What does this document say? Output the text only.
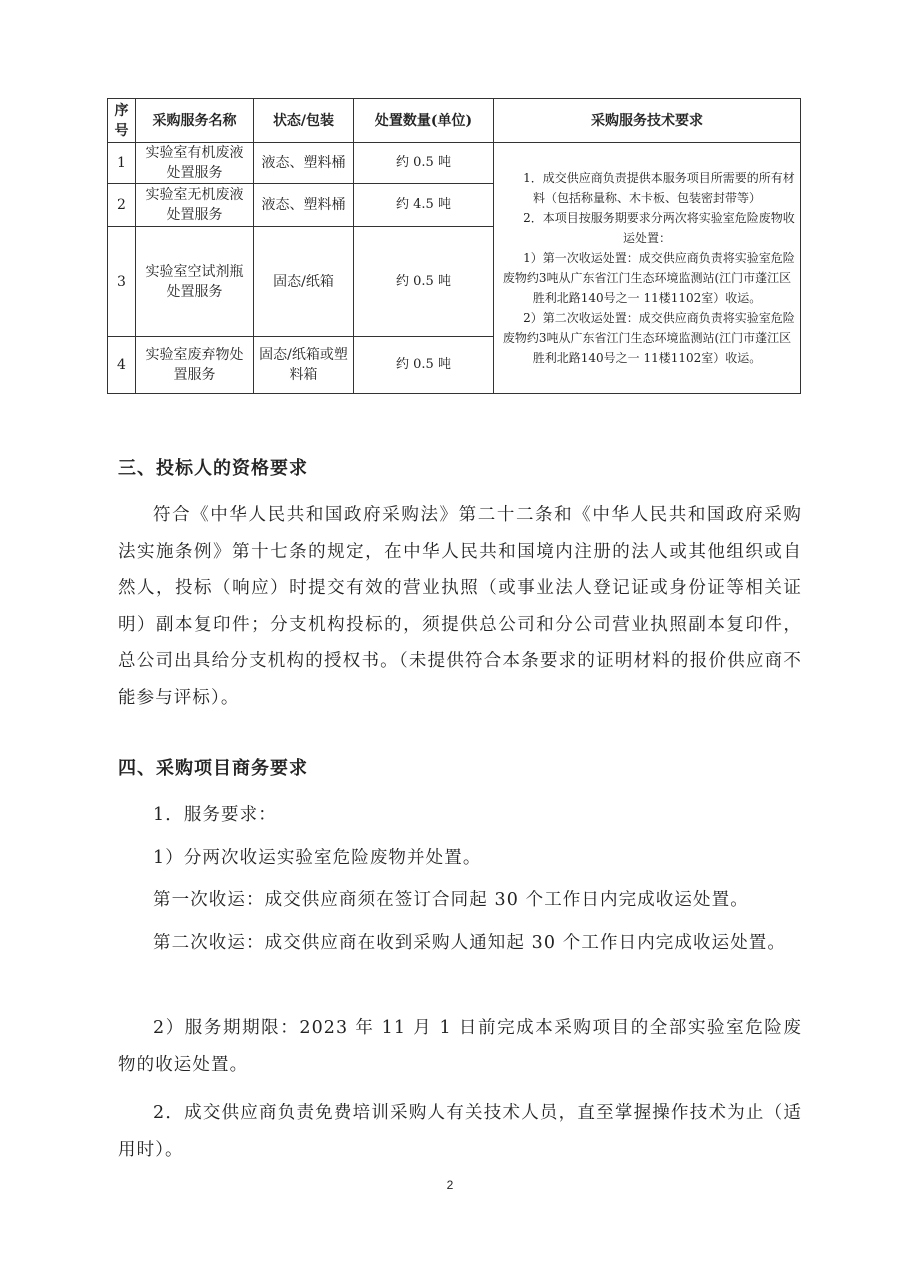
序号	采购服务名称	状态/包装	处置数量(单位)	采购服务技术要求
1	实验室有机废液处置服务	液态、塑料桶	约 0.5 吨	1．成交供应商负责提供本服务项目所需要的所有材料（包括称量称、木卡板、包装密封带等）

2．本项目按服务期要求分两次将实验室危险废物收运处置：

1）第一次收运处置：成交供应商负责将实验室危险废物约3吨从广东省江门生态环境监测站(江门市蓬江区胜利北路140号之一 11楼1102室）收运。

2）第二次收运处置：成交供应商负责将实验室危险废物约3吨从广东省江门生态环境监测站(江门市蓬江区胜利北路140号之一 11楼1102室）收运。

2	实验室无机废液处置服务	液态、塑料桶	约 4.5 吨	
3	实验室空试剂瓶处置服务	固态/纸箱	约 0.5 吨	
4	实验室废弃物处置服务	固态/纸箱或塑料箱	约 0.5 吨	
三、投标人的资格要求

符合《中华人民共和国政府采购法》第二十二条和《中华人民共和国政府采购法实施条例》第十七条的规定，在中华人民共和国境内注册的法人或其他组织或自然人，投标（响应）时提交有效的营业执照（或事业法人登记证或身份证等相关证明）副本复印件；分支机构投标的，须提供总公司和分公司营业执照副本复印件，总公司出具给分支机构的授权书。（未提供符合本条要求的证明材料的报价供应商不能参与评标）。

四、采购项目商务要求

1．服务要求：

1）分两次收运实验室危险废物并处置。

第一次收运：成交供应商须在签订合同起 30 个工作日内完成收运处置。

第二次收运：成交供应商在收到采购人通知起 30 个工作日内完成收运处置。

2）服务期期限：2023 年 11 月 1 日前完成本采购项目的全部实验室危险废物的收运处置。

2．成交供应商负责免费培训采购人有关技术人员，直至掌握操作技术为止（适用时）。

2
